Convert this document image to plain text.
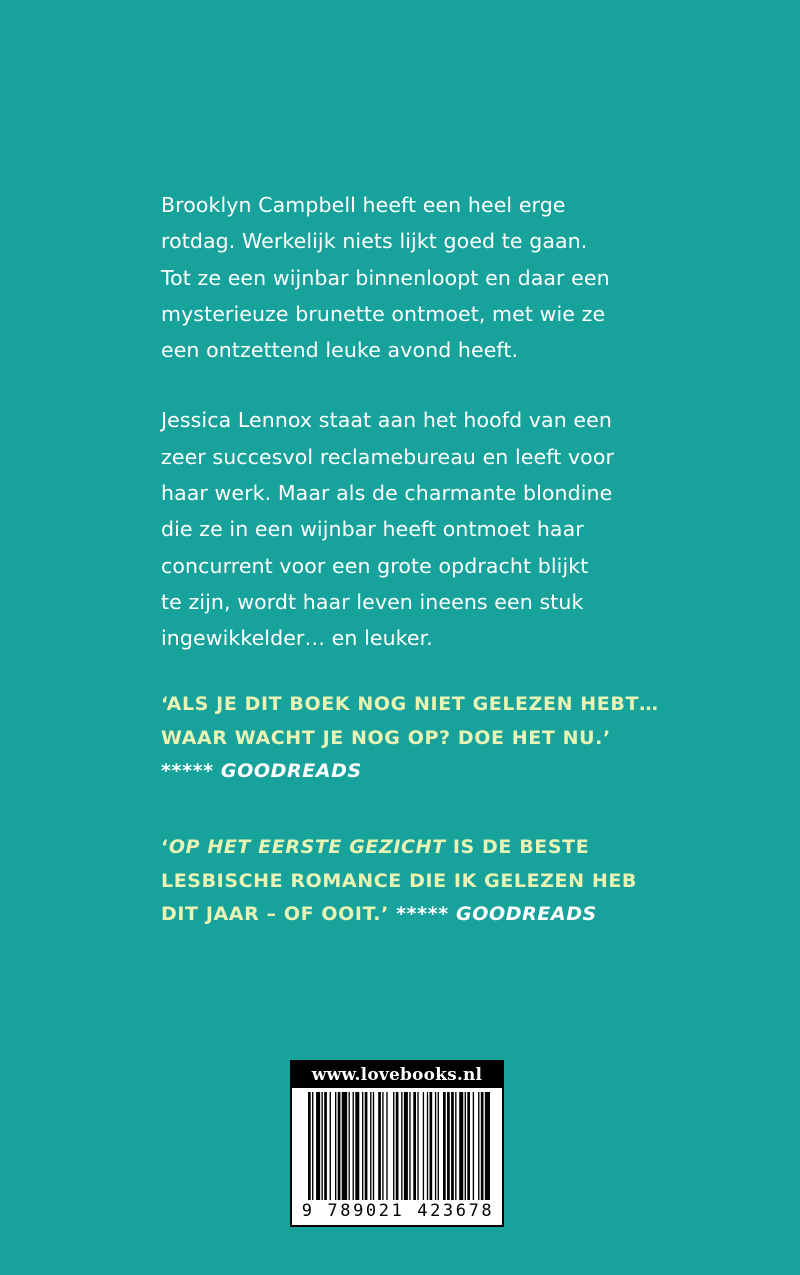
Brooklyn Campbell heeft een heel erge
rotdag. Werkelijk niets lijkt goed te gaan.
Tot ze een wijnbar binnenloopt en daar een
mysterieuze brunette ontmoet, met wie ze
een ontzettend leuke avond heeft.

Jessica Lennox staat aan het hoofd van een
zeer succesvol reclamebureau en leeft voor
haar werk. Maar als de charmante blondine
die ze in een wijnbar heeft ontmoet haar
concurrent voor een grote opdracht blijkt
te zijn, wordt haar leven ineens een stuk
ingewikkelder… en leuker.

‘ALS JE DIT BOEK NOG NIET GELEZEN HEBT…
WAAR WACHT JE NOG OP? DOE HET NU.’
***** GOODREADS
‘OP HET EERSTE GEZICHT IS DE BESTE
LESBISCHE ROMANCE DIE IK GELEZEN HEB
DIT JAAR – OF OOIT.’ ***** GOODREADS
www.lovebooks.nl
9 789021 423678
